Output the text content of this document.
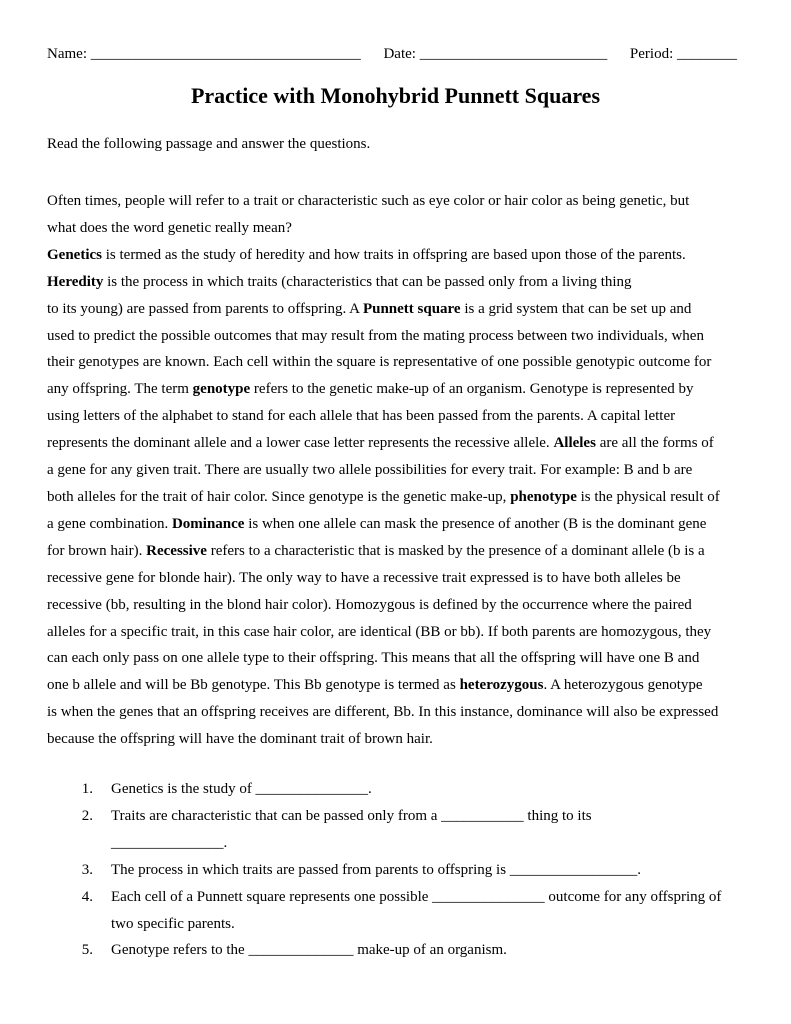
Name: ____________________________________ Date: _________________________ Period: ________
Practice with Monohybrid Punnett Squares
Read the following passage and answer the questions.
Often times, people will refer to a trait or characteristic such as eye color or hair color as being genetic, but
what does the word genetic really mean?
Genetics is termed as the study of heredity and how traits in offspring are based upon those of the parents.
Heredity is the process in which traits (characteristics that can be passed only from a living thing
to its young) are passed from parents to offspring. A Punnett square is a grid system that can be set up and
used to predict the possible outcomes that may result from the mating process between two individuals, when
their genotypes are known. Each cell within the square is representative of one possible genotypic outcome for
any offspring. The term genotype refers to the genetic make-up of an organism. Genotype is represented by
using letters of the alphabet to stand for each allele that has been passed from the parents. A capital letter
represents the dominant allele and a lower case letter represents the recessive allele. Alleles are all the forms of
a gene for any given trait. There are usually two allele possibilities for every trait. For example: B and b are
both alleles for the trait of hair color. Since genotype is the genetic make-up, phenotype is the physical result of
a gene combination. Dominance is when one allele can mask the presence of another (B is the dominant gene
for brown hair). Recessive refers to a characteristic that is masked by the presence of a dominant allele (b is a
recessive gene for blonde hair). The only way to have a recessive trait expressed is to have both alleles be
recessive (bb, resulting in the blond hair color). Homozygous is defined by the occurrence where the paired
alleles for a specific trait, in this case hair color, are identical (BB or bb). If both parents are homozygous, they
can each only pass on one allele type to their offspring. This means that all the offspring will have one B and
one b allele and will be Bb genotype. This Bb genotype is termed as heterozygous. A heterozygous genotype
is when the genes that an offspring receives are different, Bb. In this instance, dominance will also be expressed
because the offspring will have the dominant trait of brown hair.
1. Genetics is the study of _______________.
2. Traits are characteristic that can be passed only from a ___________ thing to its
_______________.
3. The process in which traits are passed from parents to offspring is _________________.
4. Each cell of a Punnett square represents one possible _______________ outcome for any offspring of
two specific parents.
5. Genotype refers to the ______________ make-up of an organism.
